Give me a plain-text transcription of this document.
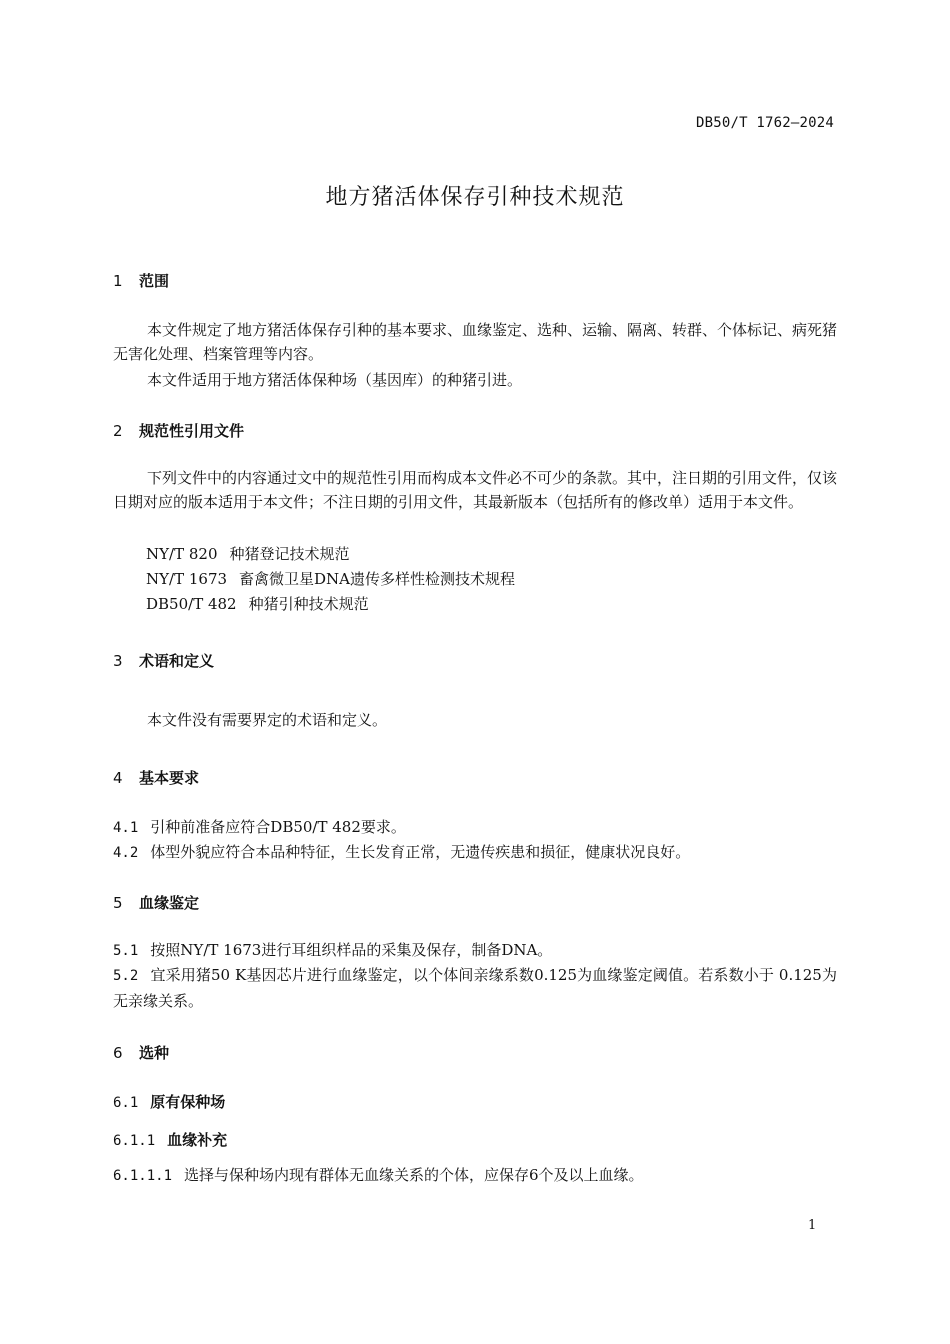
DB50/T 1762—2024
地方猪活体保存引种技术规范
1 范围
本文件规定了地方猪活体保存引种的基本要求、血缘鉴定、选种、运输、隔离、转群、个体标记、病死猪无害化处理、档案管理等内容。
本文件适用于地方猪活体保种场（基因库）的种猪引进。
2 规范性引用文件
下列文件中的内容通过文中的规范性引用而构成本文件必不可少的条款。其中，注日期的引用文件，仅该日期对应的版本适用于本文件；不注日期的引用文件，其最新版本（包括所有的修改单）适用于本文件。
NY/T 820 种猪登记技术规范
NY/T 1673 畜禽微卫星DNA遗传多样性检测技术规程
DB50/T 482 种猪引种技术规范
3 术语和定义
本文件没有需要界定的术语和定义。
4 基本要求
4.1 引种前准备应符合DB50/T 482要求。
4.2 体型外貌应符合本品种特征，生长发育正常，无遗传疾患和损征，健康状况良好。
5 血缘鉴定
5.1 按照NY/T 1673进行耳组织样品的采集及保存，制备DNA。
5.2 宜采用猪50 K基因芯片进行血缘鉴定，以个体间亲缘系数0.125为血缘鉴定阈值。若系数小于 0.125为无亲缘关系。
6 选种
6.1 原有保种场
6.1.1 血缘补充
6.1.1.1 选择与保种场内现有群体无血缘关系的个体，应保存6个及以上血缘。
1
